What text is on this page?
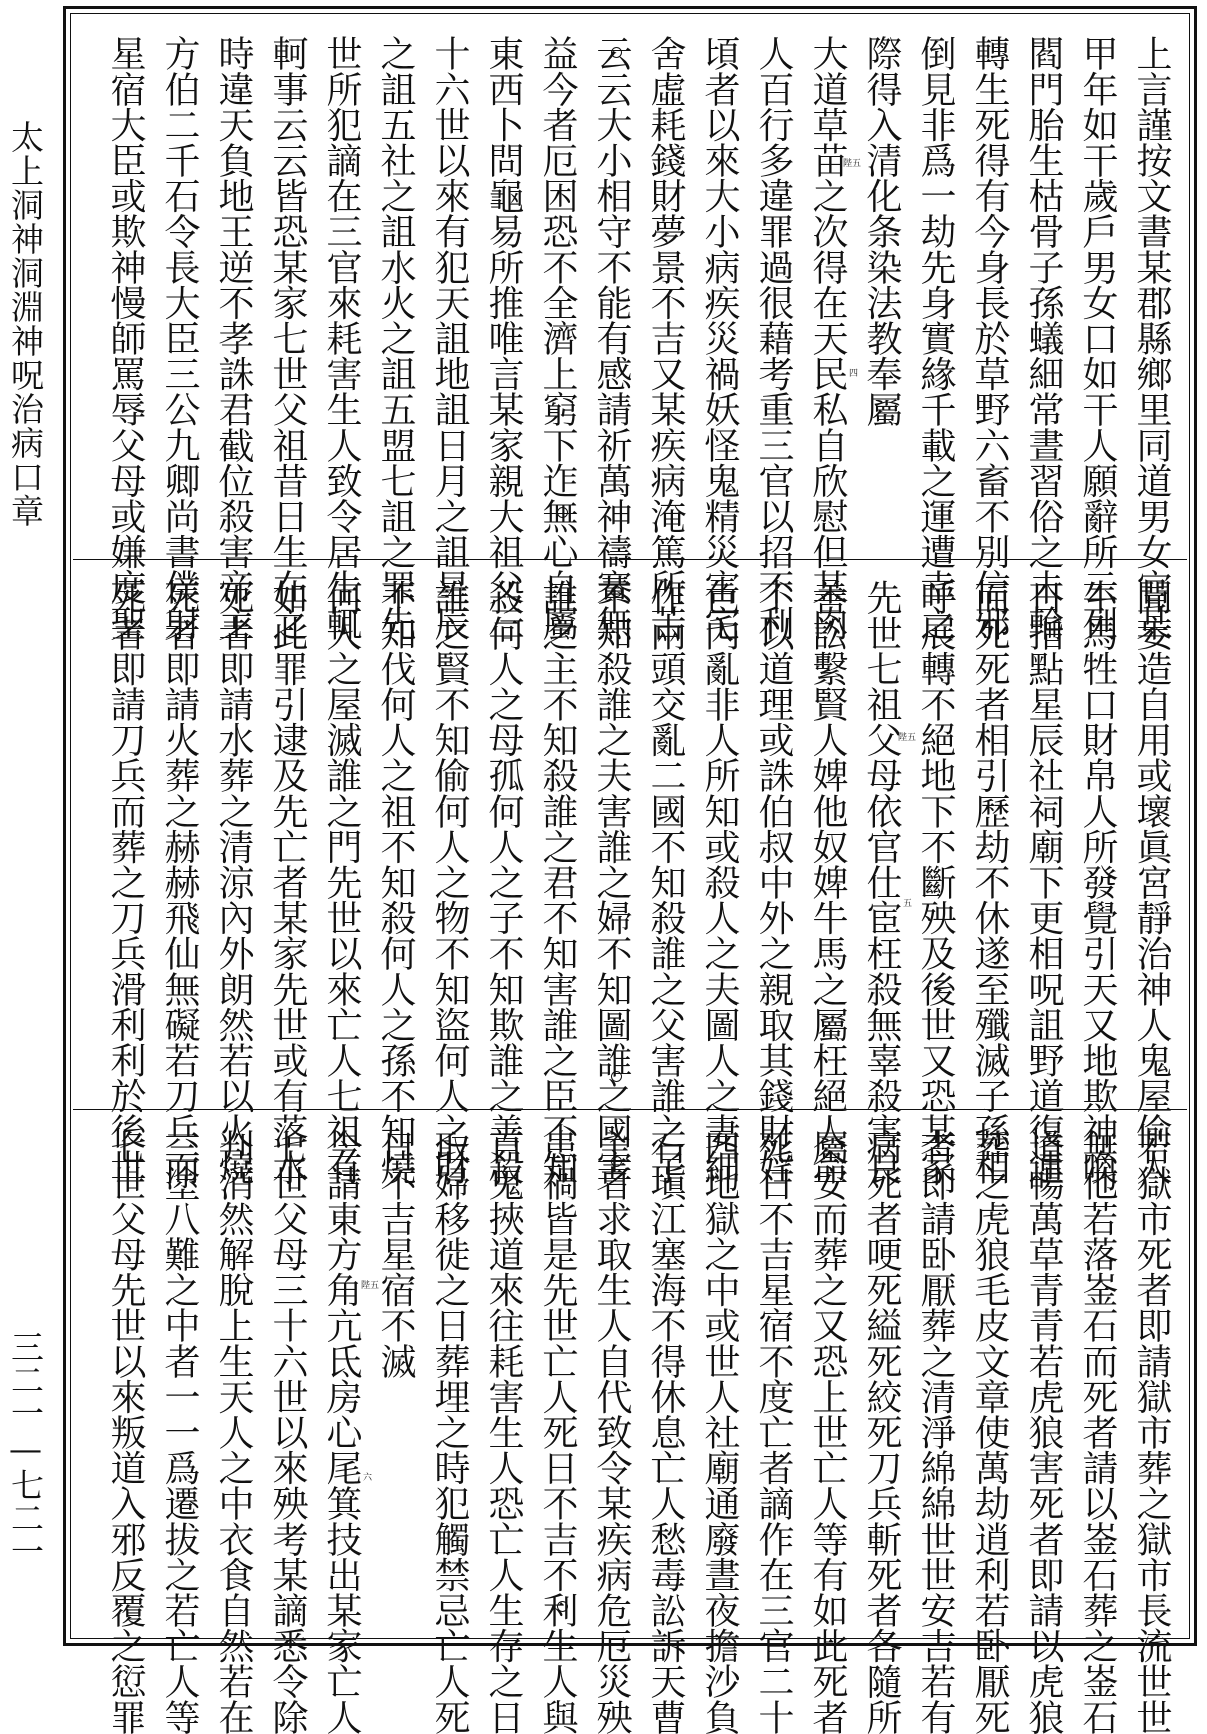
太上洞神洞淵神呪治病口章
三二一—七二一
上言謹按文書某郡縣鄉里同道男女官某
甲年如干歲戶男女口如干人願辭所云列
閻門胎生枯骨子孫蟻細常晝習俗之未輪
轉生死得有今身長於草野六畜不別信邪
倒見非爲一劫先身實緣千載之運遭幸之
際得入清化条染法教奉屬
大道草苗之次得在天民私自欣慰但某肉
人百行多違罪過很藉考重三官以招不利
頃者以來大小病疾災禍妖怪鬼精災害宅
舍虛耗錢財夢景不吉又某疾病淹篤所苦
云云大小相守不能有感請祈萬神禱賽無
益今者厄困恐不全濟上窮下迮無心自屬
東西卜問龜易所推唯言某家親大祖父三
十六世以來有犯天詛地詛日月之詛星辰
之詛五社之詛水火之詛五盟七詛之罪先
世所犯謫在三官來耗害生人致令居生輒
軻事云云皆恐某家七世父祖昔日生在之
時違天負地王逆不孝誅君截位殺害帝主
方伯二千石令長大臣三公九卿尚書僕射
星宿大臣或欺神慢師罵辱父母或嫌度聖	陛五
四
聞妄造自用或壞眞宮靜治神人鬼屋偷人
牛馬牲口財帛人所發覺引天又地欺神喚
日指點星辰社祠廟下更相呪詛野道復連
而死死者相引歷劫不休遂至殲滅子孫相
呼展轉不絕地下不斷殃及後世又恐某家
先世七祖父母依官仕宦枉殺無辜殺害良
善訟繫賢人婢他奴婢牛馬之屬枉絕人命
不以道理或誅伯叔中外之親取其錢財婬
色內亂非人所知或殺人之夫圖人之妻細
作兩頭交亂二國不知殺誰之父害誰之子
不知殺誰之夫害誰之婦不知圖誰之國害
誰之主不知殺誰之君不知害誰之臣不知
殺何人之母孤何人之子不知欺誰之善殺
誰之賢不知偷何人之物不知盜何人之財
不知伐何人之祖不知殺何人之孫不知燒
何人之屋滅誰之門先世以來亡人七祖有
如此罪引逮及先亡者某家先世或有落水
死者即請水葬之清涼內外朗然若以火燒
死者即請火葬之赫赫飛仙無礙若刀兵而
死者即請刀兵而葬之刀兵滑利利於後世	陛五
五
若獄市死者即請獄市葬之獄市長流世世
無他若落崟石而死者請以崟石葬之崟石
道暢萬草青青若虎狼害死者即請以虎狼
葬之虎狼毛皮文章使萬劫逍利若卧厭死
者即請卧厭葬之清淨綿綿世世安吉若有
病死者哽死縊死絞死刀兵斬死者各隨所
屬安而葬之又恐上世亡人等有如此死者
死日不吉星宿不度亡者謫作在三官二十
四地獄之中或世人社廟通廢晝夜擔沙負
石塡江塞海不得休息亡人愁毒訟訴天曹
主者求取生人自代致令某疾病危厄災殃
患禍皆是先世亡人死日不吉不利生人與
百鬼挾道來往耗害生人恐亡人生存之日
取婦移徙之日葬埋之時犯觸禁忌亡人死
日不吉星宿不滅
今請東方角亢氐房心尾箕技出某家亡人
七世父母三十六世以來殃考某謫悉令除
判消然解脫上生天人之中衣食自然若在
三塗八難之中者一一爲遷拔之若亡人等
七世父母先世以來叛道入邪反覆之愆罪	陛五
六
